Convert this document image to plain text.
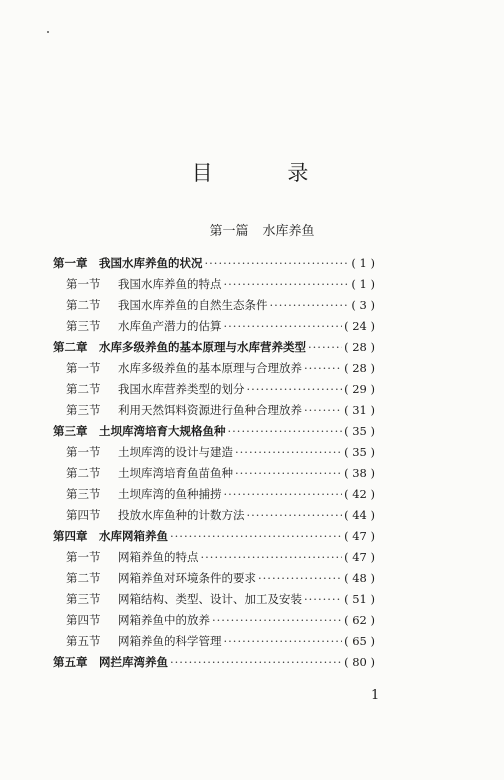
目 录
第一篇 水库养鱼
第一章	我国水库养鱼的状况 ·····	( 1 )
第一节	我国水库养鱼的特点 ·····	( 1 )
第二节	我国水库养鱼的自然生态条件 ·····	( 3 )
第三节	水库鱼产潜力的估算 ·····	( 24 )
第二章	水库多级养鱼的基本原理与水库营养类型 ·····	( 28 )
第一节	水库多级养鱼的基本原理与合理放养 ·····	( 28 )
第二节	我国水库营养类型的划分 ·····	( 29 )
第三节	利用天然饵料资源进行鱼种合理放养 ·····	( 31 )
第三章	土坝库湾培育大规格鱼种 ·····	( 35 )
第一节	土坝库湾的设计与建造 ·····	( 35 )
第二节	土坝库湾培育鱼苗鱼种 ·····	( 38 )
第三节	土坝库湾的鱼种捕捞 ·····	( 42 )
第四节	投放水库鱼种的计数方法 ·····	( 44 )
第四章	水库网箱养鱼 ·····	( 47 )
第一节	网箱养鱼的特点 ·····	( 47 )
第二节	网箱养鱼对环境条件的要求 ·····	( 48 )
第三节	网箱结构、类型、设计、加工及安装 ·····	( 51 )
第四节	网箱养鱼中的放养 ·····	( 62 )
第五节	网箱养鱼的科学管理 ·····	( 65 )
第五章	网拦库湾养鱼 ·····	( 80 )
1
